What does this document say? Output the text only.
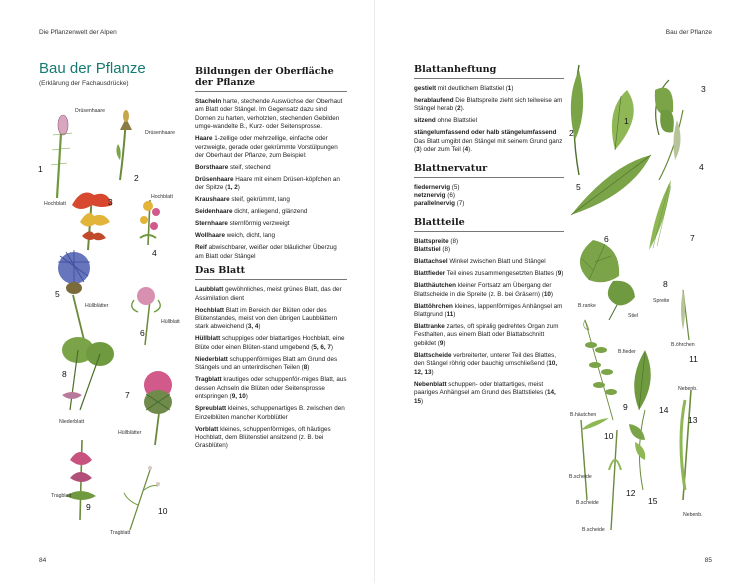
Die Pflanzenwelt der Alpen
Bau der Pflanze
(Erklärung der Fachausdrücke)
84
Drüsenhaare
Drüsenhaare
Hochblatt
Hochblatt
Hüllblätter
Hüllblatt
Niederblatt
Hüllblätter
Tragblatt
Tragblatt
1
2
3
4
5
6
7
8
9	10
Bildungen der Oberfläche der Pflanze

Stacheln harte, stechende Auswüchse der Oberhaut am Blatt oder Stängel. Im Gegensatz dazu sind Dornen zu harten, verholzten, stechenden Gebilden umge-wandelte B., Kurz- oder Seitensprosse.

Haare 1-zellige oder mehrzellige, einfache oder verzweigte, gerade oder gekrümmte Vorstülpungen der Oberhaut der Pflanze, zum Beispiel:

Borsthaare steif, stechend

Drüsenhaare Haare mit einem Drüsen-köpfchen an der Spitze (1, 2)

Kraushaare steif, gekrümmt, lang

Seidenhaare dicht, anliegend, glänzend

Sternhaare sternförmig verzweigt

Wollhaare weich, dicht, lang

Reif abwischbarer, weißer oder bläulicher Überzug am Blatt oder Stängel

Das Blatt

Laubblatt gewöhnliches, meist grünes Blatt, das der Assimilation dient

Hochblatt Blatt im Bereich der Blüten oder des Blütenstandes, meist von den übrigen Laubblättern stark abweichend (3, 4)

Hüllblatt schuppiges oder blattartiges Hochblatt, eine Blüte oder einen Blüten-stand umgebend (5, 6, 7)

Niederblatt schuppenförmiges Blatt am Grund des Stängels und an unterirdischen Teilen (8)

Tragblatt krautiges oder schuppenför-miges Blatt, aus dessen Achseln die Blüten oder Seitensprosse entspringen (9, 10)

Spreublatt kleines, schuppenartiges B. zwischen den Einzelblüten mancher Korbblütler

Vorblatt kleines, schuppenförmiges, oft häutiges Hochblatt, dem Blütenstiel ansitzend (z. B. bei Grasblüten)

Bau der Pflanze
85
Blattanheftung

gestielt mit deutlichem Blattstiel (1)

herablaufend Die Blattspreite zieht sich teilweise am Stängel herab (2).

sitzend ohne Blattstiel

stängelumfassend oder halb stängelumfassend Das Blatt umgibt den Stängel mit seinem Grund ganz (3) oder zum Teil (4).

Blattnervatur

fiedernervig (5)

netznervig (6)

parallelnervig (7)

Blattteile

Blattspreite (8)

Blattstiel (8)

Blattachsel Winkel zwischen Blatt und Stängel

Blattfieder Teil eines zusammengesetzten Blattes (9)

Blatthäutchen kleiner Fortsatz am Übergang der Blattscheide in die Spreite (z. B. bei Gräsern) (10)

Blattöhrchen kleines, lappenförmiges Anhängsel am Blattgrund (11)

Blattranke zartes, oft spiralig gedrehtes Organ zum Festhalten, aus einem Blatt oder Blattabschnitt gebildet (9)

Blattscheide verbreiterter, unterer Teil des Blattes, den Stängel röhrig oder bauchig umschließend (10, 12, 13)

Nebenblatt schuppen- oder blattartiges, meist paariges Anhängsel am Grund des Blattstieles (14, 15)

Stiel
Spreite
B.ranke
B.fieder
B.öhrchen
Nebenb.
B.häutchen
B.scheide
B.scheide
B.scheide
Nebenb.
1
2
3
4
5
6	7
8
9
10
11
12
13
14
15
